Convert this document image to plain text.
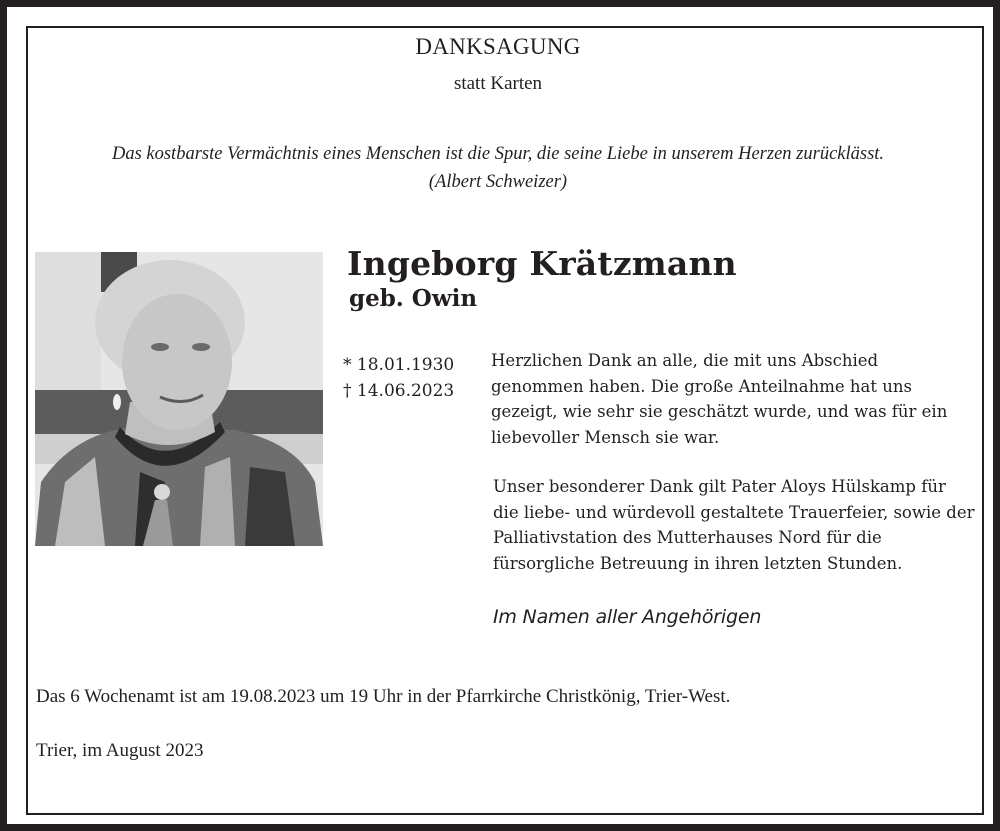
DANKSAGUNG
statt Karten
Das kostbarste Vermächtnis eines Menschen ist die Spur, die seine Liebe in unserem Herzen zurücklässt.
(Albert Schweizer)
Ingeborg Krätzmann
geb. Owin
* 18.01.1930
† 14.06.2023
Herzlichen Dank an alle, die mit uns Abschied
genommen haben. Die große Anteilnahme hat uns
gezeigt, wie sehr sie geschätzt wurde, und was für ein
liebevoller Mensch sie war.
Unser besonderer Dank gilt Pater Aloys Hülskamp für
die liebe- und würdevoll gestaltete Trauerfeier, sowie der
Palliativstation des Mutterhauses Nord für die
fürsorgliche Betreuung in ihren letzten Stunden.
Im Namen aller Angehörigen
Das 6 Wochenamt ist am 19.08.2023 um 19 Uhr in der Pfarrkirche Christkönig, Trier-West.
Trier, im August 2023
